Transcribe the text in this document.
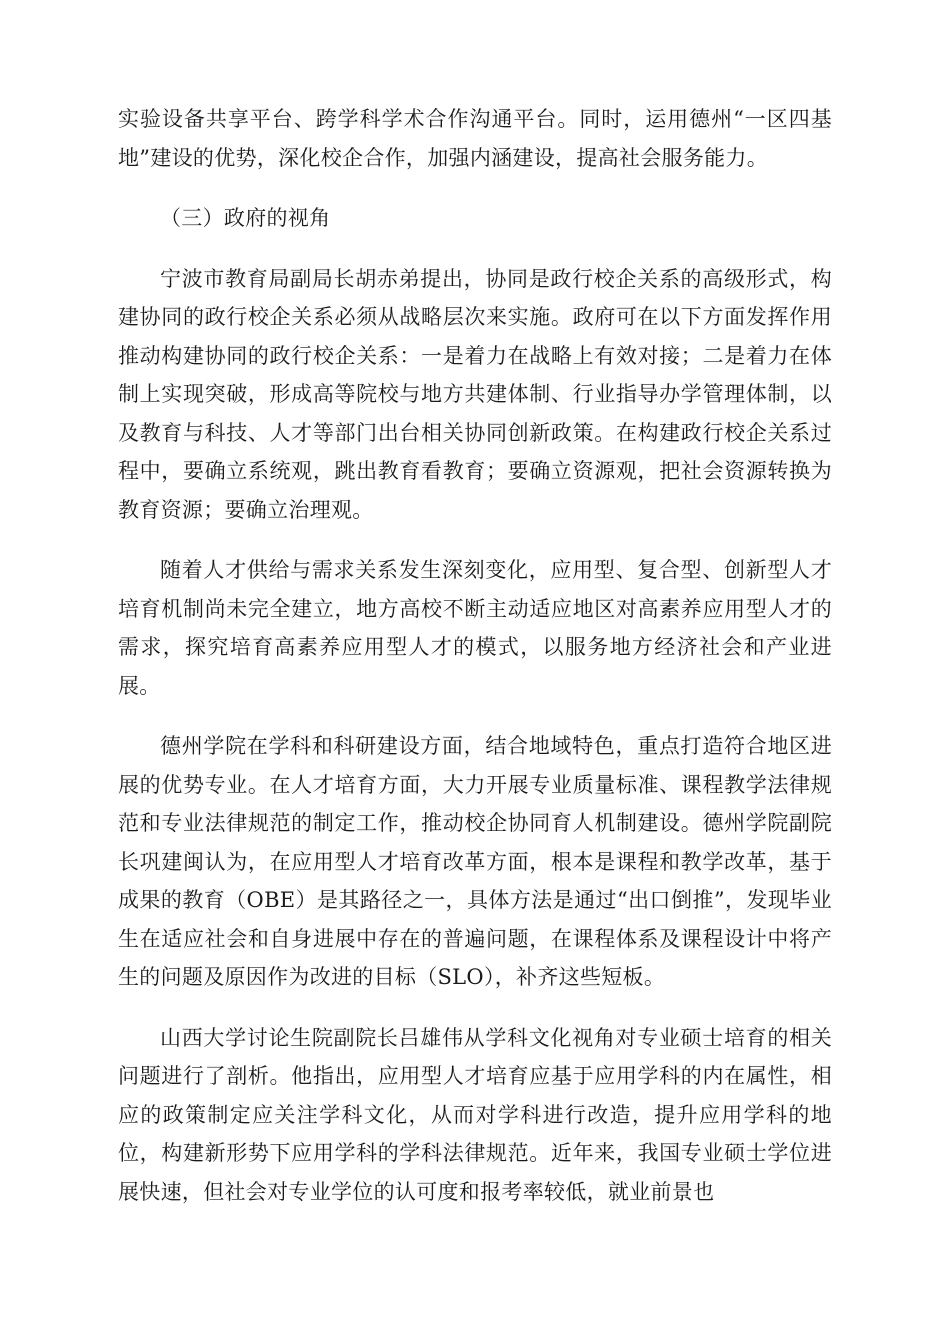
实验设备共享平台、跨学科学术合作沟通平台。同时，运用德州“一区四基地”建设的优势，深化校企合作，加强内涵建设，提高社会服务能力。

（三）政府的视角

宁波市教育局副局长胡赤弟提出，协同是政行校企关系的高级形式，构建协同的政行校企关系必须从战略层次来实施。政府可在以下方面发挥作用推动构建协同的政行校企关系：一是着力在战略上有效对接；二是着力在体制上实现突破，形成高等院校与地方共建体制、行业指导办学管理体制，以及教育与科技、人才等部门出台相关协同创新政策。在构建政行校企关系过程中，要确立系统观，跳出教育看教育；要确立资源观，把社会资源转换为教育资源；要确立治理观。

随着人才供给与需求关系发生深刻变化，应用型、复合型、创新型人才培育机制尚未完全建立，地方高校不断主动适应地区对高素养应用型人才的需求，探究培育高素养应用型人才的模式，以服务地方经济社会和产业进展。

德州学院在学科和科研建设方面，结合地域特色，重点打造符合地区进展的优势专业。在人才培育方面，大力开展专业质量标准、课程教学法律规范和专业法律规范的制定工作，推动校企协同育人机制建设。德州学院副院长巩建闽认为，在应用型人才培育改革方面，根本是课程和教学改革，基于成果的教育（OBE）是其路径之一，具体方法是通过“出口倒推”，发现毕业生在适应社会和自身进展中存在的普遍问题，在课程体系及课程设计中将产生的问题及原因作为改进的目标（SLO），补齐这些短板。

山西大学讨论生院副院长吕雄伟从学科文化视角对专业硕士培育的相关问题进行了剖析。他指出，应用型人才培育应基于应用学科的内在属性，相应的政策制定应关注学科文化，从而对学科进行改造，提升应用学科的地位，构建新形势下应用学科的学科法律规范。近年来，我国专业硕士学位进展快速，但社会对专业学位的认可度和报考率较低，就业前景也
